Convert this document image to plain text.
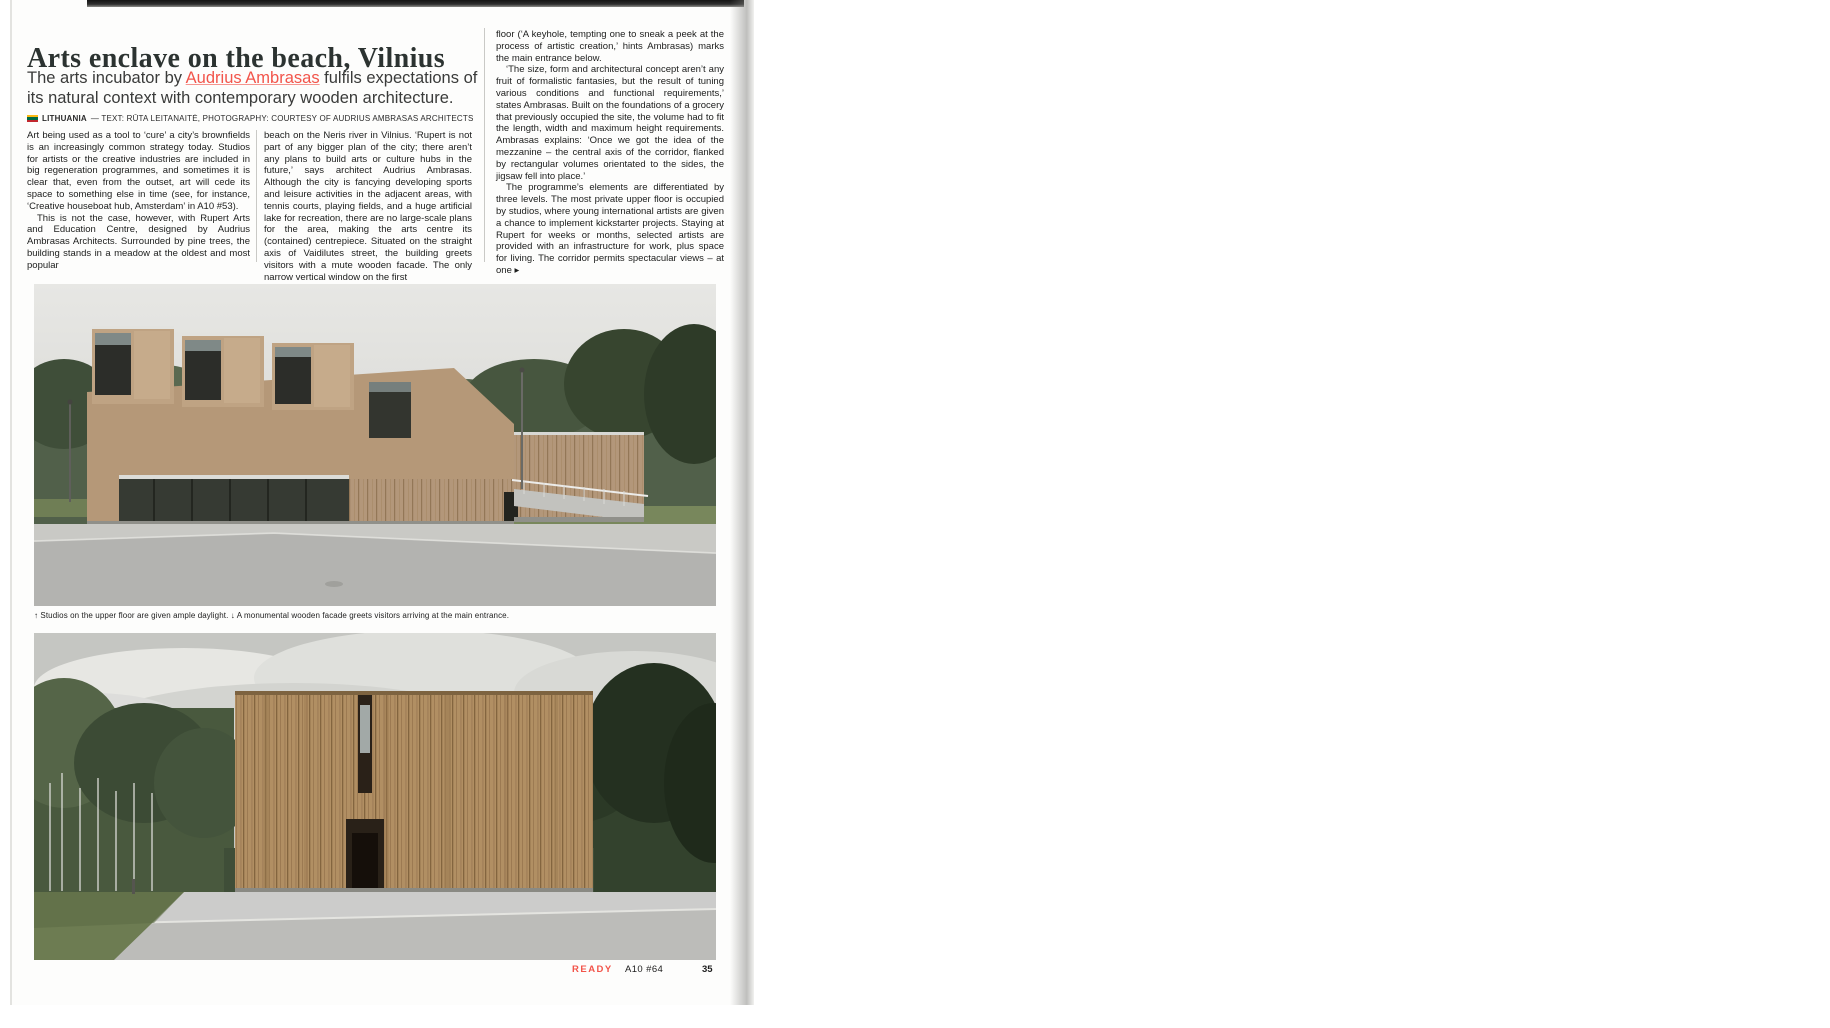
Arts enclave on the beach, Vilnius
The arts incubator by Audrius Ambrasas fulfils expectations of its natural context with contemporary wooden architecture.
LITHUANIA — TEXT: RŪTA LEITANAITĖ, PHOTOGRAPHY: COURTESY OF AUDRIUS AMBRASAS ARCHITECTS

Art being used as a tool to ‘cure’ a city’s brownfields is an increasingly common strategy today. Studios for artists or the creative industries are included in big regeneration programmes, and sometimes it is clear that, even from the outset, art will cede its space to something else in time (see, for instance, ‘Creative houseboat hub, Amsterdam’ in A10 #53).

This is not the case, however, with Rupert Arts and Education Centre, designed by Audrius Ambrasas Architects. Surrounded by pine trees, the building stands in a meadow at the oldest and most popular

beach on the Neris river in Vilnius. ‘Rupert is not part of any bigger plan of the city; there aren’t any plans to build arts or culture hubs in the future,’ says architect Audrius Ambrasas. Although the city is fancying developing sports and leisure activities in the adjacent areas, with tennis courts, playing fields, and a huge artificial lake for recreation, there are no large-scale plans for the area, making the arts centre its (contained) centrepiece. Situated on the straight axis of Vaidilutes street, the building greets visitors with a mute wooden facade. The only narrow vertical window on the first

floor (‘A keyhole, tempting one to sneak a peek at the process of artistic creation,’ hints Ambrasas) marks the main entrance below.

‘The size, form and architectural concept aren’t any fruit of formalistic fantasies, but the result of tuning various conditions and functional requirements,’ states Ambrasas. Built on the foundations of a grocery that previously occupied the site, the volume had to fit the length, width and maximum height requirements. Ambrasas explains: ‘Once we got the idea of the mezzanine – the central axis of the corridor, flanked by rectangular volumes orientated to the sides, the jigsaw fell into place.’

The programme’s elements are differentiated by three levels. The most private upper floor is occupied by studios, where young international artists are given a chance to implement kickstarter projects. Staying at Rupert for weeks or months, selected artists are provided with an infrastructure for work, plus space for living. The corridor permits spectacular views – at one ▸

↑ Studios on the upper floor are given ample daylight. ↓ A monumental wooden facade greets visitors arriving at the main entrance.
READY A10 #64	35
